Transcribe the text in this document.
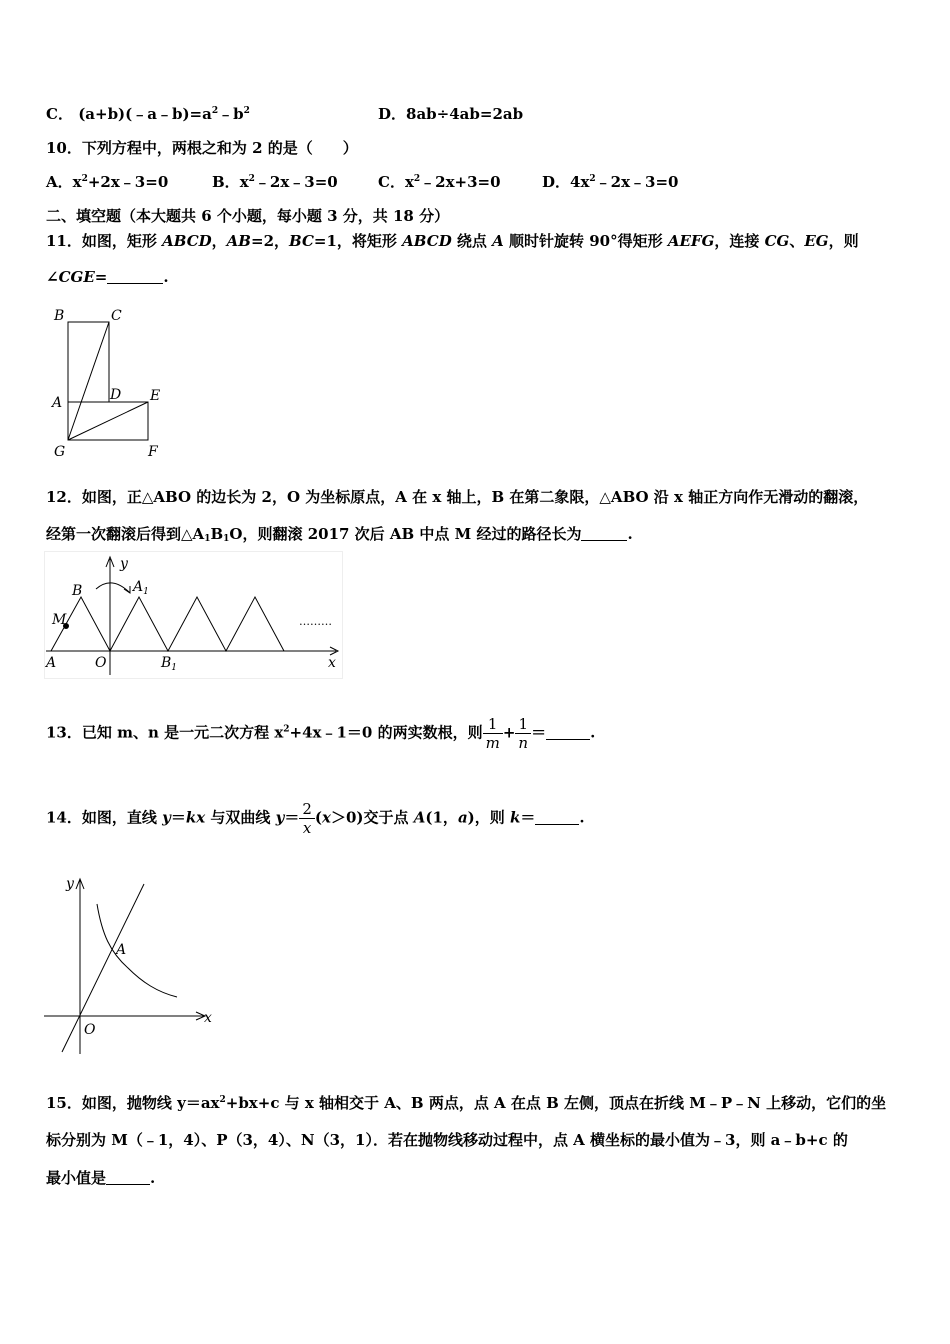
C． $(a+b)(﹣a﹣b)=a^2﹣b^2$	D．8ab÷4ab=2ab
10．下列方程中，两根之和为 2 的是（　　）
A．$x^2+2x﹣3=0$	B．$x^2﹣2x﹣3=0$	C．$x^2﹣2x+3=0$	D．$4x^2﹣2x﹣3=0$
二、填空题（本大题共 6 个小题，每小题 3 分，共 18 分）
11．如图，矩形 ABCD，AB=2，BC=1，将矩形 ABCD 绕点 A 顺时针旋转 90°得矩形 AEFG，连接 CG、EG，则
∠CGE=	.
B	C
A	D E
G	F
12．如图，正△ABO 的边长为 2，O 为坐标原点，A 在 x 轴上，B 在第二象限，△ABO 沿 x 轴正方向作无滑动的翻滚，
经第一次翻滚后得到$\triangle A_1B_1O$，则翻滚 2017 次后 AB 中点 M 经过的路径长为	.
y
B	$A_1$
M
A	O	$B_1$	x
………
13．已知 m、n 是一元二次方程 $x^2+4x﹣1=0$ 的两实数根，则 $\frac{1}{m} + \frac{1}{n}$ ＝	.
14．如图，直线 y＝kx 与双曲线 $y= \frac{2}{x} (x>0)$交于点 A(1，a)，则 k＝	.
y
A
O
x
15．如图，抛物线 $y=ax^2+bx+c$ 与 x 轴相交于 A、B 两点，点 A 在点 B 左侧，顶点在折线 M﹣P﹣N 上移动，它们的坐
标分别为 M（﹣1，4）、P（3，4）、N（3，1）．若在抛物线移动过程中，点 A 横坐标的最小值为﹣3，则 a﹣b+c 的
最小值是	.
